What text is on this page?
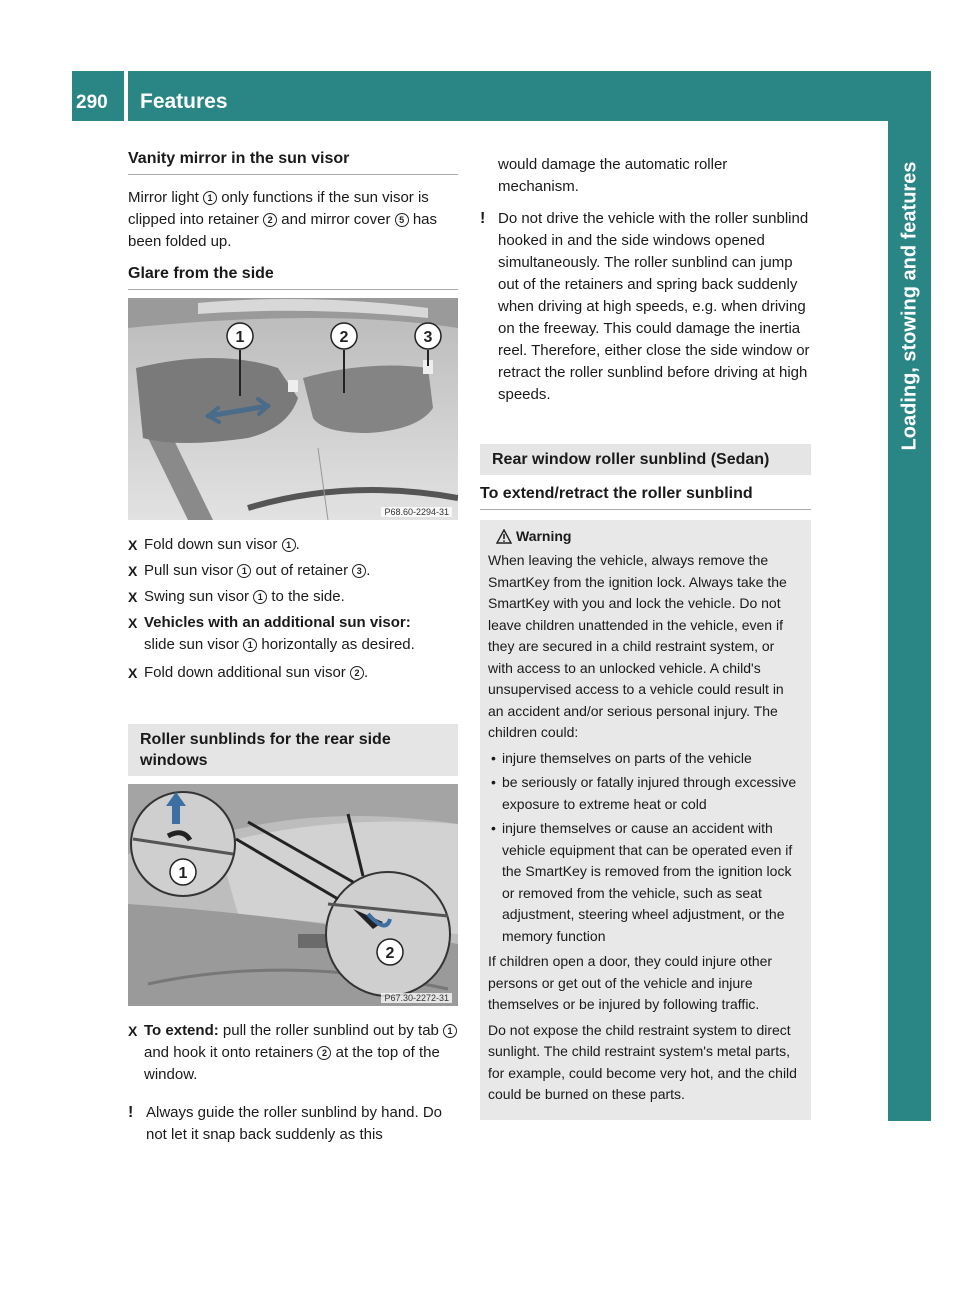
290	Features
Loading, stowing and features
Vanity mirror in the sun visor

Mirror light 1 only functions if the sun visor is clipped into retainer 2 and mirror cover 5 has been folded up.

Glare from the side
1	2	3
P68.60-2294-31
X Fold down sun visor 1 .
X Pull sun visor 1 out of retainer 3 .
X Swing sun visor 1 to the side.
X Vehicles with an additional sun visor:
slide sun visor 1 horizontally as desired.
X Fold down additional sun visor 2 .
Roller sunblinds for the rear side windows
1
2
P67.30-2272-31
X To extend: pull the roller sunblind out by tab 1 and hook it onto retainers 2 at the top of the window.
! Always guide the roller sunblind by hand. Do not let it snap back suddenly as this

would damage the automatic roller mechanism.

! Do not drive the vehicle with the roller sunblind hooked in and the side windows opened simultaneously. The roller sunblind can jump out of the retainers and spring back suddenly when driving at high speeds, e.g. when driving on the freeway. This could damage the inertia reel. Therefore, either close the side window or retract the roller sunblind before driving at high speeds.
Rear window roller sunblind (Sedan)
To extend/retract the roller sunblind
Warning

When leaving the vehicle, always remove the SmartKey from the ignition lock. Always take the SmartKey with you and lock the vehicle. Do not leave children unattended in the vehicle, even if they are secured in a child restraint system, or with access to an unlocked vehicle. A child's unsupervised access to a vehicle could result in an accident and/or serious personal injury. The children could:

• injure themselves on parts of the vehicle
• be seriously or fatally injured through excessive exposure to extreme heat or cold
• injure themselves or cause an accident with vehicle equipment that can be operated even if the SmartKey is removed from the ignition lock or removed from the vehicle, such as seat adjustment, steering wheel adjustment, or the memory function

If children open a door, they could injure other persons or get out of the vehicle and injure themselves or be injured by following traffic.

Do not expose the child restraint system to direct sunlight. The child restraint system's metal parts, for example, could become very hot, and the child could be burned on these parts.
